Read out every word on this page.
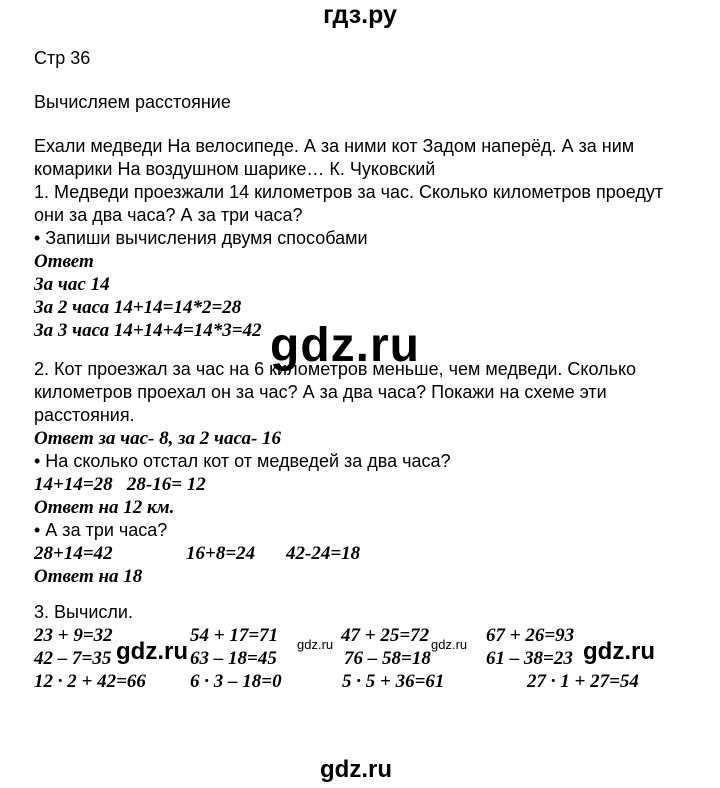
гдз.ру

Стр 36

Вычисляем расстояние

Ехали медведи На велосипеде. А за ними кот Задом наперёд. А за ним

комарики На воздушном шарике… К. Чуковский

1. Медведи проезжали 14 километров за час. Сколько километров проедут

они за два часа? А за три часа?

• Запиши вычисления двумя способами

Ответ

За час 14

За 2 часа 14+14=14*2=28

За 3 часа 14+14+4=14*3=42

2. Кот проезжал за час на 6 километров меньше, чем медведи. Сколько

километров проехал он за час? А за два часа? Покажи на схеме эти

расстояния.

Ответ за час- 8, за 2 часа- 16

• На сколько отстал кот от медведей за два часа?

14+14=28   28-16= 12

Ответ на 12 км.

• А за три часа?

28+14=42	16+8=24 42-24=18

Ответ на 18

3. Вычисли.

23 + 9=32	54 + 17=71	47 + 25=72	67 + 26=93
42 – 7=35	63 – 18=45	76 – 58=18	61 – 38=23
12 · 2 + 42=66 6 · 3 – 18=0	5 · 5 + 36=61	27 · 1 + 27=54
gdz.ru
gdz.ru	gdz.ru
gdz.ru
gdz.ru	gdz.ru
